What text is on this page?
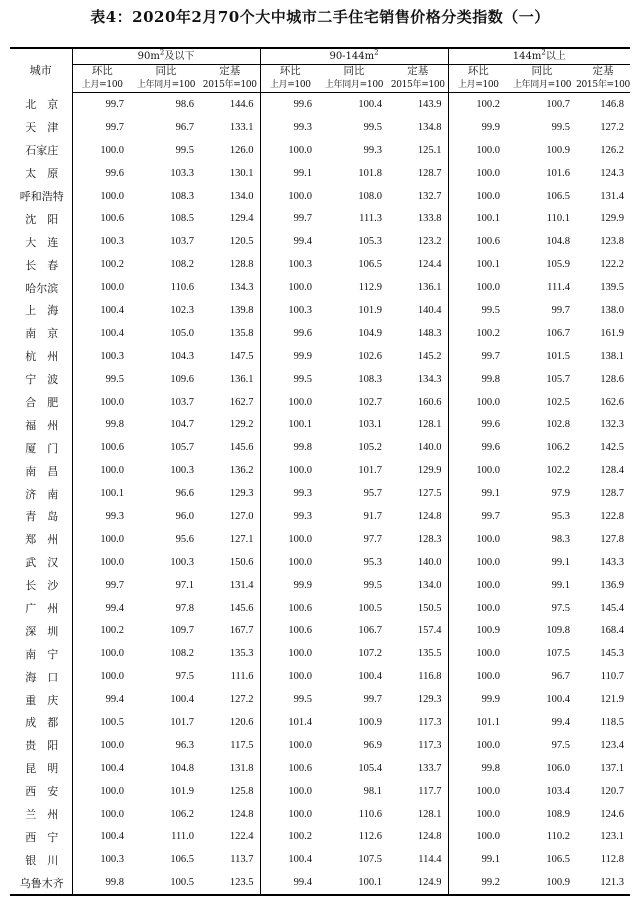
表4：2020年2月70个大中城市二手住宅销售价格分类指数（一）
城市	$90m^2$及以下			$90-144m^2$			$144m^2$以上		
	环比	同比	定基	环比	同比	定基	环比	同比	定基
	上月=100	上年同月=100	2015年=100	上月=100	上年同月=100	2015年=100	上月=100	上年同月=100	2015年=100
北　京	99.7	98.6	144.6	99.6	100.4	143.9	100.2	100.7	146.8
天　津	99.7	96.7	133.1	99.3	99.5	134.8	99.9	99.5	127.2
石家庄	100.0	99.5	126.0	100.0	99.3	125.1	100.0	100.9	126.2
太　原	99.6	103.3	130.1	99.1	101.8	128.7	100.0	101.6	124.3
呼和浩特	100.0	108.3	134.0	100.0	108.0	132.7	100.0	106.5	131.4
沈　阳	100.6	108.5	129.4	99.7	111.3	133.8	100.1	110.1	129.9
大　连	100.3	103.7	120.5	99.4	105.3	123.2	100.6	104.8	123.8
长　春	100.2	108.2	128.8	100.3	106.5	124.4	100.1	105.9	122.2
哈尔滨	100.0	110.6	134.3	100.0	112.9	136.1	100.0	111.4	139.5
上　海	100.4	102.3	139.8	100.3	101.9	140.4	99.5	99.7	138.0
南　京	100.4	105.0	135.8	99.6	104.9	148.3	100.2	106.7	161.9
杭　州	100.3	104.3	147.5	99.9	102.6	145.2	99.7	101.5	138.1
宁　波	99.5	109.6	136.1	99.5	108.3	134.3	99.8	105.7	128.6
合　肥	100.0	103.7	162.7	100.0	102.7	160.6	100.0	102.5	162.6
福　州	99.8	104.7	129.2	100.1	103.1	128.1	99.6	102.8	132.3
厦　门	100.6	105.7	145.6	99.8	105.2	140.0	99.6	106.2	142.5
南　昌	100.0	100.3	136.2	100.0	101.7	129.9	100.0	102.2	128.4
济　南	100.1	96.6	129.3	99.3	95.7	127.5	99.1	97.9	128.7
青　岛	99.3	96.0	127.0	99.3	91.7	124.8	99.7	95.3	122.8
郑　州	100.0	95.6	127.1	100.0	97.7	128.3	100.0	98.3	127.8
武　汉	100.0	100.3	150.6	100.0	95.3	140.0	100.0	99.1	143.3
长　沙	99.7	97.1	131.4	99.9	99.5	134.0	100.0	99.1	136.9
广　州	99.4	97.8	145.6	100.6	100.5	150.5	100.0	97.5	145.4
深　圳	100.2	109.7	167.7	100.6	106.7	157.4	100.9	109.8	168.4
南　宁	100.0	108.2	135.3	100.0	107.2	135.5	100.0	107.5	145.3
海　口	100.0	97.5	111.6	100.0	100.4	116.8	100.0	96.7	110.7
重　庆	99.4	100.4	127.2	99.5	99.7	129.3	99.9	100.4	121.9
成　都	100.5	101.7	120.6	101.4	100.9	117.3	101.1	99.4	118.5
贵　阳	100.0	96.3	117.5	100.0	96.9	117.3	100.0	97.5	123.4
昆　明	100.4	104.8	131.8	100.6	105.4	133.7	99.8	106.0	137.1
西　安	100.0	101.9	125.8	100.0	98.1	117.7	100.0	103.4	120.7
兰　州	100.0	106.2	124.8	100.0	110.6	128.1	100.0	108.9	124.6
西　宁	100.4	111.0	122.4	100.2	112.6	124.8	100.0	110.2	123.1
银　川	100.3	106.5	113.7	100.4	107.5	114.4	99.1	106.5	112.8
乌鲁木齐	99.8	100.5	123.5	99.4	100.1	124.9	99.2	100.9	121.3
